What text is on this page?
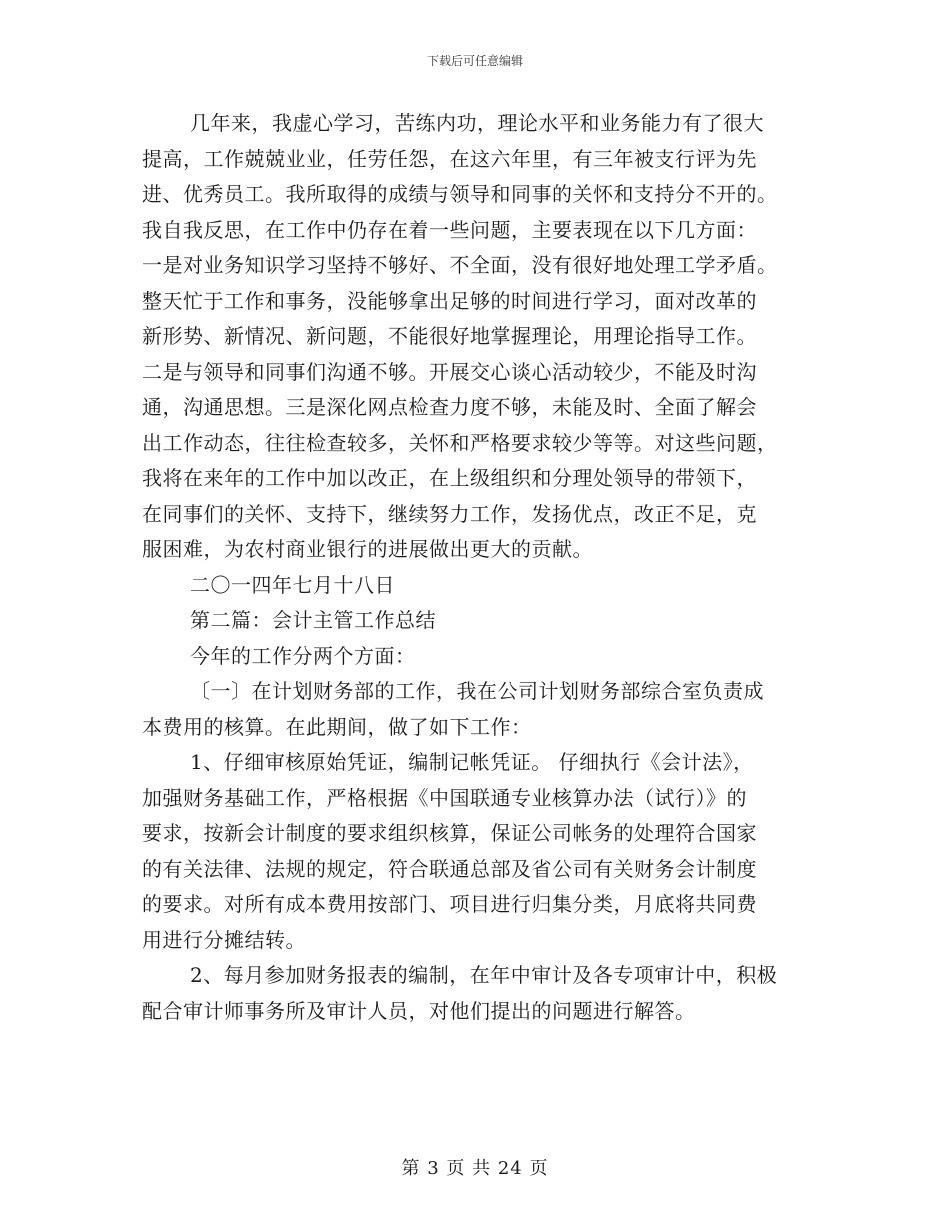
下载后可任意编辑
几年来，我虚心学习，苦练内功，理论水平和业务能力有了很大
提高，工作兢兢业业，任劳任怨，在这六年里，有三年被支行评为先
进、优秀员工。我所取得的成绩与领导和同事的关怀和支持分不开的。
我自我反思，在工作中仍存在着一些问题，主要表现在以下几方面：
一是对业务知识学习坚持不够好、不全面，没有很好地处理工学矛盾。
整天忙于工作和事务，没能够拿出足够的时间进行学习，面对改革的
新形势、新情况、新问题，不能很好地掌握理论，用理论指导工作。
二是与领导和同事们沟通不够。开展交心谈心活动较少，不能及时沟
通，沟通思想。三是深化网点检查力度不够，未能及时、全面了解会
出工作动态，往往检查较多，关怀和严格要求较少等等。对这些问题，
我将在来年的工作中加以改正，在上级组织和分理处领导的带领下，
在同事们的关怀、支持下，继续努力工作，发扬优点，改正不足，克
服困难，为农村商业银行的进展做出更大的贡献。
二〇一四年七月十八日
第二篇：会计主管工作总结
今年的工作分两个方面：
〔一〕在计划财务部的工作，我在公司计划财务部综合室负责成
本费用的核算。在此期间，做了如下工作：
1、仔细审核原始凭证，编制记帐凭证。 仔细执行《会计法》，
加强财务基础工作，严格根据《中国联通专业核算办法（试行）》的
要求，按新会计制度的要求组织核算，保证公司帐务的处理符合国家
的有关法律、法规的规定，符合联通总部及省公司有关财务会计制度
的要求。对所有成本费用按部门、项目进行归集分类，月底将共同费
用进行分摊结转。
2、每月参加财务报表的编制，在年中审计及各专项审计中，积极
配合审计师事务所及审计人员，对他们提出的问题进行解答。
第 3 页 共 24 页
